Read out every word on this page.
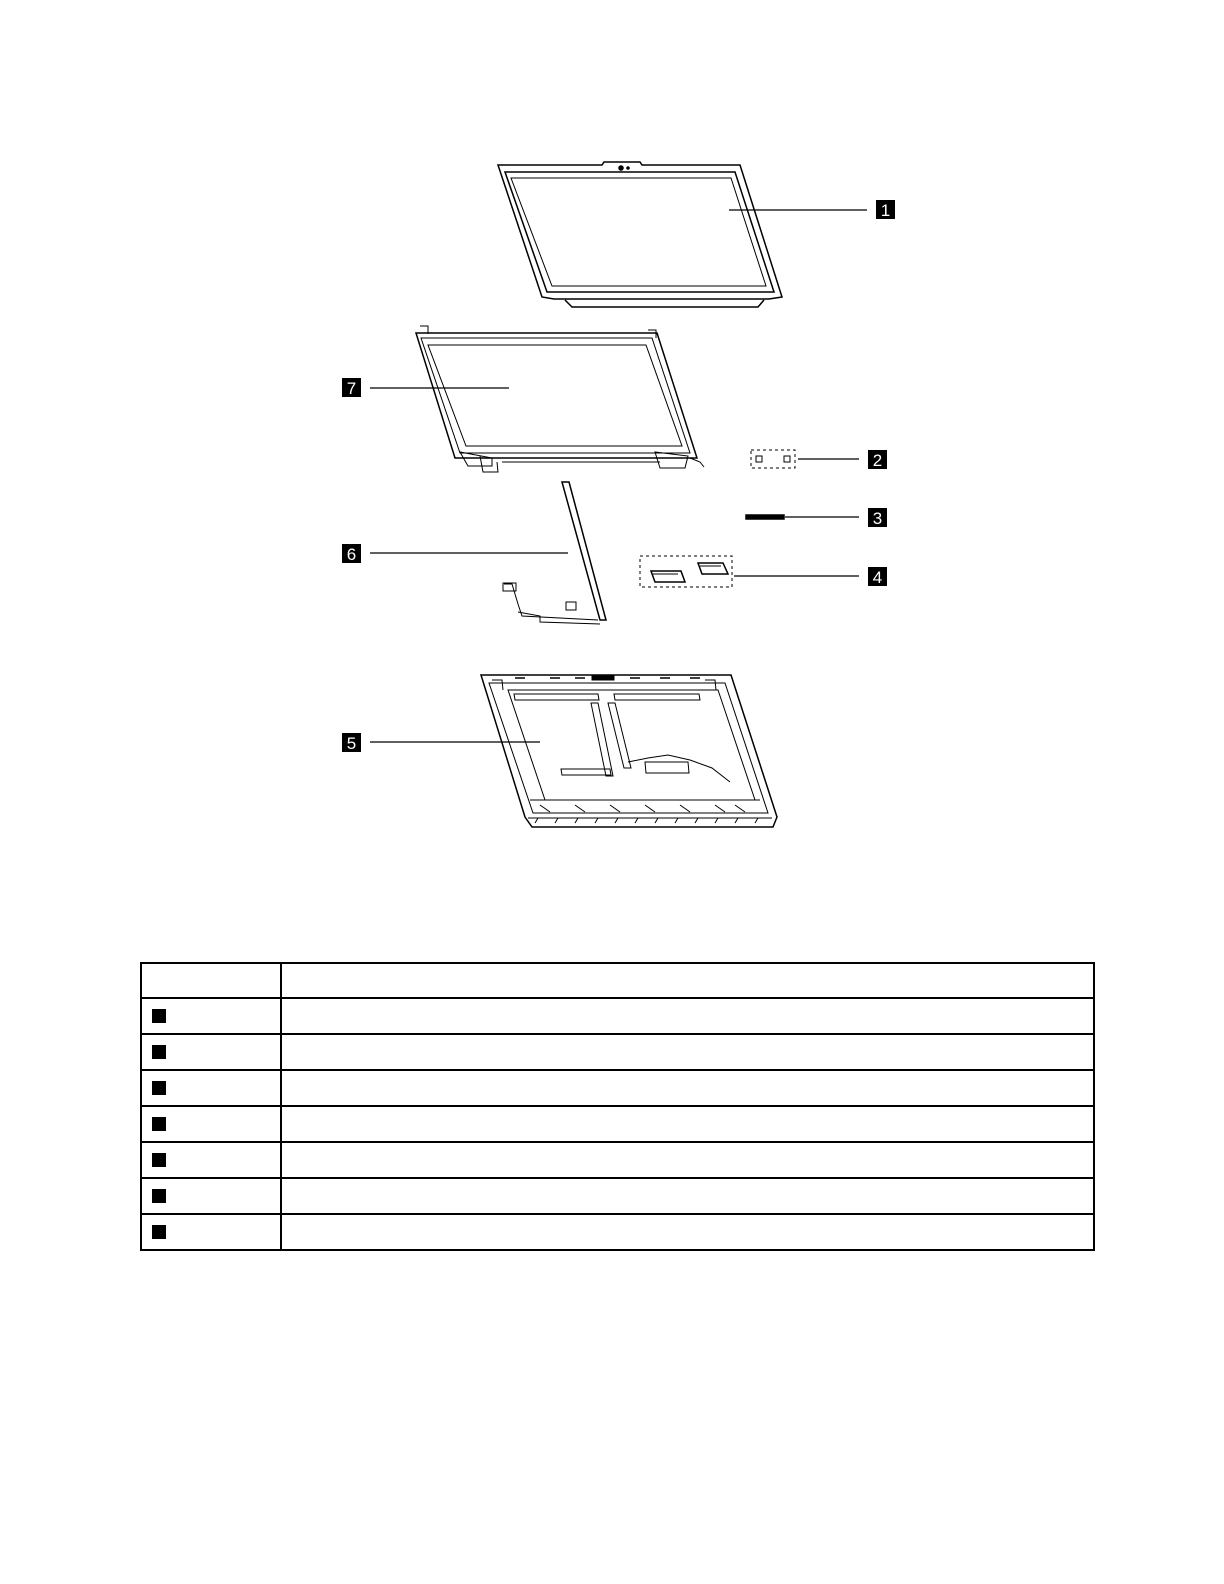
1
7
2
3
6
4
5
